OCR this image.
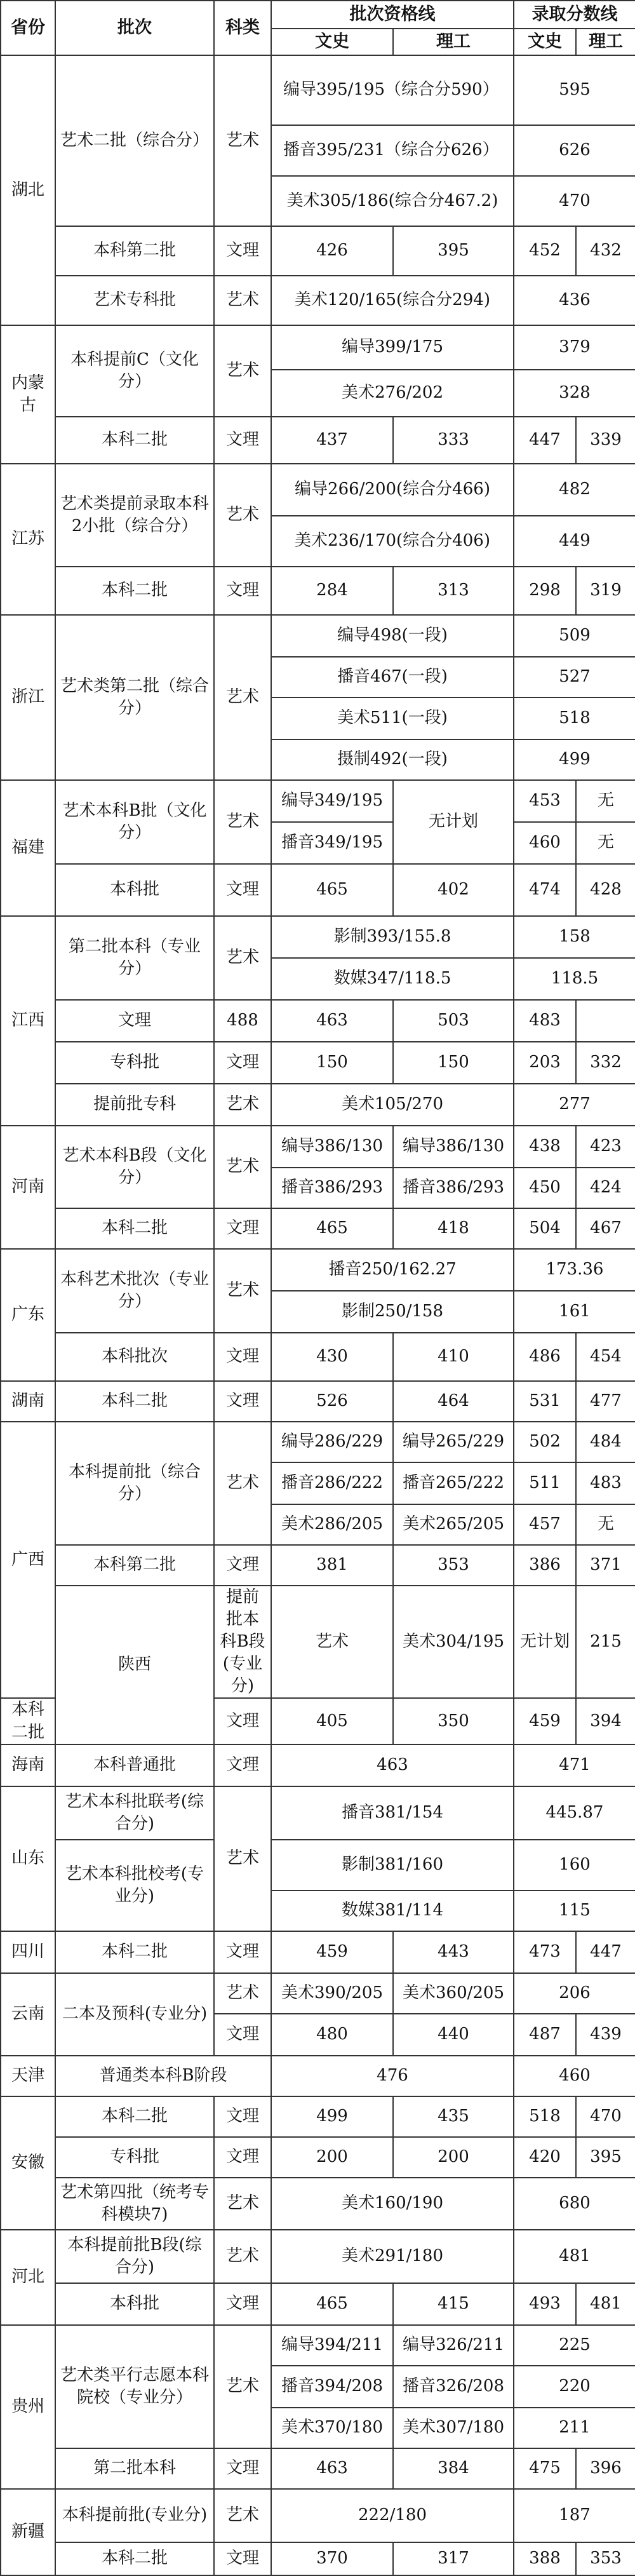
省份	批次	科类	批次资格线		录取分数线		
			文史	理工	文史	理工	
湖北	艺术二批（综合分）	艺术	编导395/195（综合分590）		595		
			播音395/231（综合分626）		626		
			美术305/186(综合分467.2)		470		
	本科第二批	文理	426	395	452	432	
	艺术专科批	艺术	美术120/165(综合分294)		436		
内蒙古	本科提前C（文化分）	艺术	编导399/175		379		
			美术276/202		328		
	本科二批	文理	437	333	447	339	
江苏	艺术类提前录取本科2小批（综合分）	艺术	编导266/200(综合分466)		482		
			美术236/170(综合分406)		449		
	本科二批	文理	284	313	298	319	
浙江	艺术类第二批（综合分）	艺术	编导498(一段)		509		
			播音467(一段)		527		
			美术511(一段)		518		
			摄制492(一段)		499		
福建	艺术本科B批（文化分）	艺术	编导349/195	无计划	453	无	
			播音349/195		460	无	
	本科批	文理	465	402	474	428	
江西	第二批本科（专业分）	艺术	影制393/155.8		158		
			数媒347/118.5		118.5		
	文理	488	463	503	483		
	专科批	文理	150	150	203	332	
	提前批专科	艺术	美术105/270		277		
河南	艺术本科B段（文化分）	艺术	编导386/130	编导386/130	438	423	
			播音386/293	播音386/293	450	424	
	本科二批	文理	465	418	504	467	
广东	本科艺术批次（专业分）	艺术	播音250/162.27		173.36		
			影制250/158		161		
	本科批次	文理	430	410	486	454	
湖南	本科二批	文理	526	464	531	477	
广西	本科提前批（综合分）	艺术	编导286/229	编导265/229	502	484	
			播音286/222	播音265/222	511	483	
			美术286/205	美术265/205	457	无	
	本科第二批	文理	381	353	386	371	
	陕西	提前批本科B段(专业分)	艺术	美术304/195	无计划	215	
本科二批		文理	405	350	459	394	
海南	本科普通批	文理	463		471		
山东	艺术本科批联考(综合分)	艺术	播音381/154		445.87		
	艺术本科批校考(专业分)		影制381/160		160		
			数媒381/114		115		
四川	本科二批	文理	459	443	473	447	
云南	二本及预科(专业分)	艺术	美术390/205	美术360/205	206		
		文理	480	440	487	439	
天津	普通类本科B阶段		476		460		
安徽	本科二批	文理	499	435	518	470	
	专科批	文理	200	200	420	395	
	艺术第四批（统考专科模块7)	艺术	美术160/190		680		
河北	本科提前批B段(综合分)	艺术	美术291/180		481		
	本科批	文理	465	415	493	481	
贵州	艺术类平行志愿本科院校（专业分）	艺术	编导394/211	编导326/211	225		
			播音394/208	播音326/208	220		
			美术370/180	美术307/180	211		
	第二批本科	文理	463	384	475	396	
新疆	本科提前批(专业分)	艺术	222/180		187		
	本科二批	文理	370	317	388	353	
